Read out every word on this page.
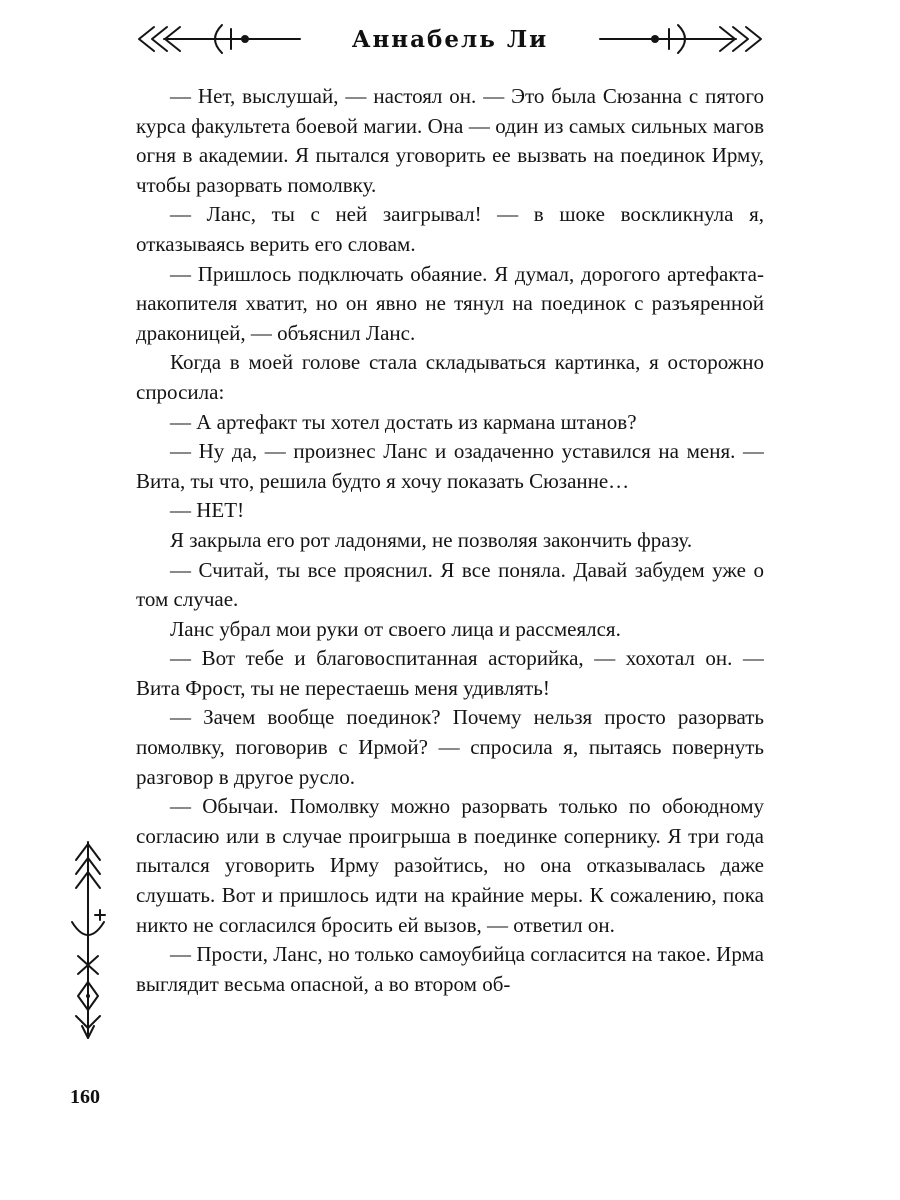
Аннабель Ли

— Нет, выслушай, — настоял он. — Это была Сюзанна с пятого курса факультета боевой магии. Она — один из самых сильных магов огня в академии. Я пытался уговорить ее вызвать на поединок Ирму, чтобы разорвать помолвку.

— Ланс, ты с ней заигрывал! — в шоке воскликнула я, отказываясь верить его словам.

— Пришлось подключать обаяние. Я думал, дорогого артефакта-накопителя хватит, но он явно не тянул на поединок с разъяренной драконицей, — объяснил Ланс.

Когда в моей голове стала складываться картинка, я осторожно спросила:

— А артефакт ты хотел достать из кармана штанов?

— Ну да, — произнес Ланс и озадаченно уставился на меня. — Вита, ты что, решила будто я хочу показать Сюзанне…

— НЕТ!

Я закрыла его рот ладонями, не позволяя закончить фразу.

— Считай, ты все прояснил. Я все поняла. Давай забудем уже о том случае.

Ланс убрал мои руки от своего лица и рассмеялся.

— Вот тебе и благовоспитанная асторийка, — хохотал он. — Вита Фрост, ты не перестаешь меня удивлять!

— Зачем вообще поединок? Почему нельзя просто разорвать помолвку, поговорив с Ирмой? — спросила я, пытаясь повернуть разговор в другое русло.

— Обычаи. Помолвку можно разорвать только по обоюдному согласию или в случае проигрыша в поединке сопернику. Я три года пытался уговорить Ирму разойтись, но она отказывалась даже слушать. Вот и пришлось идти на крайние меры. К сожалению, пока никто не согласился бросить ей вызов, — ответил он.

— Прости, Ланс, но только самоубийца согласится на такое. Ирма выглядит весьма опасной, а во втором об-

160
